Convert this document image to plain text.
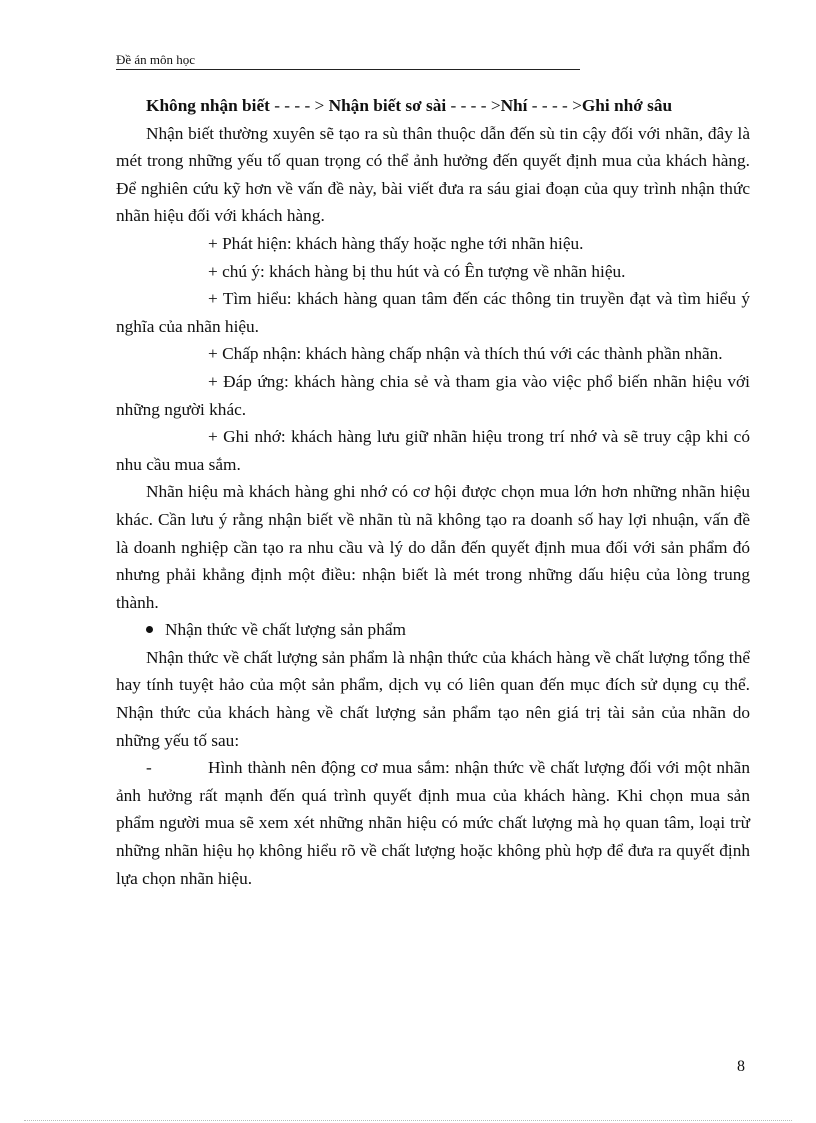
Đề án môn học

Không nhận biết - - - - > Nhận biết sơ sài - - - - >Nhí - - - - >Ghi nhớ sâu

Nhận biết thường xuyên sẽ tạo ra sù thân thuộc dẫn đến sù tin cậy đối với nhãn, đây là mét trong những yếu tố quan trọng có thể ảnh hưởng đến quyết định mua của khách hàng. Để nghiên cứu kỹ hơn về vấn đề này, bài viết đưa ra sáu giai đoạn của quy trình nhận thức nhãn hiệu đối với khách hàng.

+ Phát hiện: khách hàng thấy hoặc nghe tới nhãn hiệu.

+ chú ý: khách hàng bị thu hút và có Ên tượng về nhãn hiệu.

+ Tìm hiểu: khách hàng quan tâm đến các thông tin truyền đạt và tìm hiểu ý nghĩa của nhãn hiệu.

+ Chấp nhận: khách hàng chấp nhận và thích thú với các thành phần nhãn.

+ Đáp ứng: khách hàng chia sẻ và tham gia vào việc phổ biến nhãn hiệu với những người khác.

+ Ghi nhớ: khách hàng lưu giữ nhãn hiệu trong trí nhớ và sẽ truy cập khi có nhu cầu mua sắm.

Nhãn hiệu mà khách hàng ghi nhớ có cơ hội được chọn mua lớn hơn những nhãn hiệu khác. Cần lưu ý rằng nhận biết về nhãn tù nã không tạo ra doanh số hay lợi nhuận, vấn đề là doanh nghiệp cần tạo ra nhu cầu và lý do dẫn đến quyết định mua đối với sản phẩm đó nhưng phải khẳng định một điều: nhận biết là mét trong những dấu hiệu của lòng trung thành.

Nhận thức về chất lượng sản phẩm

Nhận thức về chất lượng sản phẩm là nhận thức của khách hàng về chất lượng tổng thể hay tính tuyệt hảo của một sản phẩm, dịch vụ có liên quan đến mục đích sử dụng cụ thể. Nhận thức của khách hàng về chất lượng sản phẩm tạo nên giá trị tài sản của nhãn do những yếu tố sau:

-	Hình thành nên động cơ mua sắm: nhận thức về chất lượng đối với một nhãn ảnh hưởng rất mạnh đến quá trình quyết định mua của khách hàng. Khi chọn mua sản phẩm người mua sẽ xem xét những nhãn hiệu có mức chất lượng mà họ quan tâm, loại trừ những nhãn hiệu họ không hiểu rõ về chất lượng hoặc không phù hợp để đưa ra quyết định lựa chọn nhãn hiệu.

8
